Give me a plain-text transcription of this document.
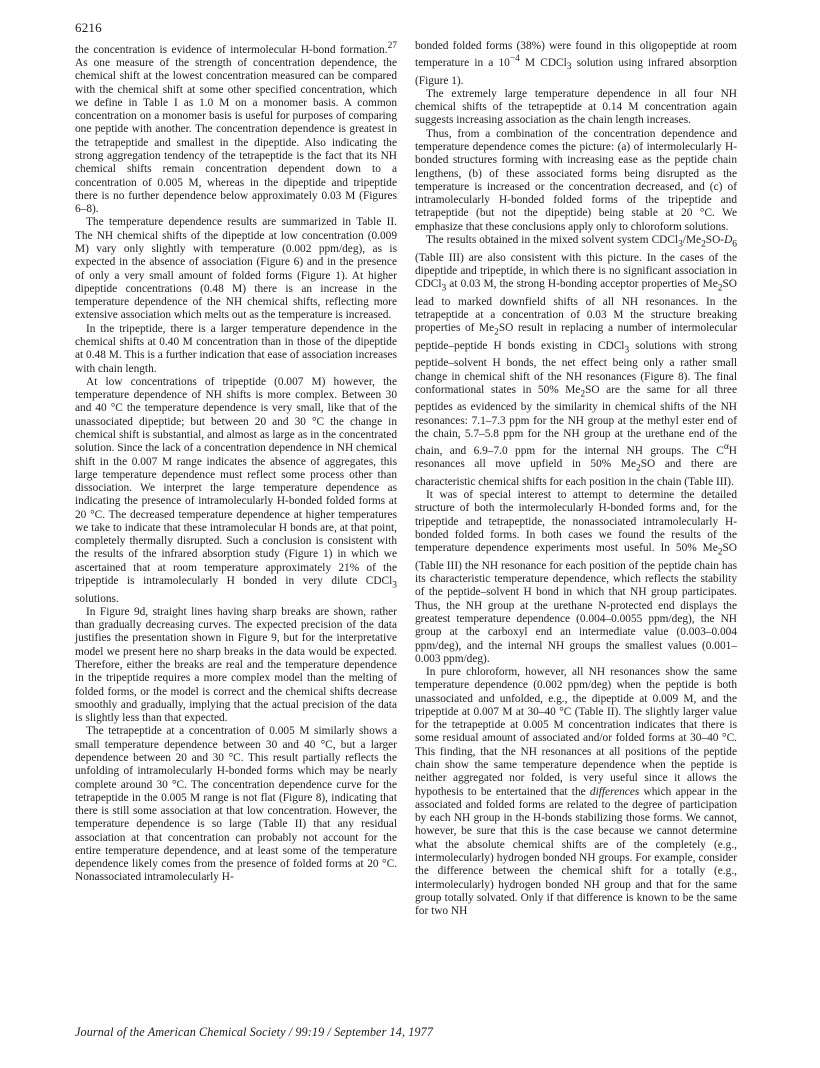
6216

the concentration is evidence of intermolecular H-bond formation.$^{27}$ As one measure of the strength of concentration dependence, the chemical shift at the lowest concentration measured can be compared with the chemical shift at some other specified concentration, which we define in Table I as 1.0 M on a monomer basis. A common concentration on a monomer basis is useful for purposes of comparing one peptide with another. The concentration dependence is greatest in the tetrapeptide and smallest in the dipeptide. Also indicating the strong aggregation tendency of the tetrapeptide is the fact that its NH chemical shifts remain concentration dependent down to a concentration of 0.005 M, whereas in the dipeptide and tripeptide there is no further dependence below approximately 0.03 M (Figures 6–8).

The temperature dependence results are summarized in Table II. The NH chemical shifts of the dipeptide at low concentration (0.009 M) vary only slightly with temperature (0.002 ppm/deg), as is expected in the absence of association (Figure 6) and in the presence of only a very small amount of folded forms (Figure 1). At higher dipeptide concentrations (0.48 M) there is an increase in the temperature dependence of the NH chemical shifts, reflecting more extensive association which melts out as the temperature is increased.

In the tripeptide, there is a larger temperature dependence in the chemical shifts at 0.40 M concentration than in those of the dipeptide at 0.48 M. This is a further indication that ease of association increases with chain length.

At low concentrations of tripeptide (0.007 M) however, the temperature dependence of NH shifts is more complex. Between 30 and 40 °C the temperature dependence is very small, like that of the unassociated dipeptide; but between 20 and 30 °C the change in chemical shift is substantial, and almost as large as in the concentrated solution. Since the lack of a concentration dependence in NH chemical shift in the 0.007 M range indicates the absence of aggregates, this large temperature dependence must reflect some process other than dissociation. We interpret the large temperature dependence as indicating the presence of intramolecularly H-bonded folded forms at 20 °C. The decreased temperature dependence at higher temperatures we take to indicate that these intramolecular H bonds are, at that point, completely thermally disrupted. Such a conclusion is consistent with the results of the infrared absorption study (Figure 1) in which we ascertained that at room temperature approximately 21% of the tripeptide is intramolecularly H bonded in very dilute CDCl$_3$ solutions.

In Figure 9d, straight lines having sharp breaks are shown, rather than gradually decreasing curves. The expected precision of the data justifies the presentation shown in Figure 9, but for the interpretative model we present here no sharp breaks in the data would be expected. Therefore, either the breaks are real and the temperature dependence in the tripeptide requires a more complex model than the melting of folded forms, or the model is correct and the chemical shifts decrease smoothly and gradually, implying that the actual precision of the data is slightly less than that expected.

The tetrapeptide at a concentration of 0.005 M similarly shows a small temperature dependence between 30 and 40 °C, but a larger dependence between 20 and 30 °C. This result partially reflects the unfolding of intramolecularly H-bonded forms which may be nearly complete around 30 °C. The concentration dependence curve for the tetrapeptide in the 0.005 M range is not flat (Figure 8), indicating that there is still some association at that low concentration. However, the temperature dependence is so large (Table II) that any residual association at that concentration can probably not account for the entire temperature dependence, and at least some of the temperature dependence likely comes from the presence of folded forms at 20 °C. Nonassociated intramolecularly H-

bonded folded forms (38%) were found in this oligopeptide at room temperature in a $10^{-4}$ M CDCl$_3$ solution using infrared absorption (Figure 1).

The extremely large temperature dependence in all four NH chemical shifts of the tetrapeptide at 0.14 M concentration again suggests increasing association as the chain length increases.

Thus, from a combination of the concentration dependence and temperature dependence comes the picture: (a) of intermolecularly H-bonded structures forming with increasing ease as the peptide chain lengthens, (b) of these associated forms being disrupted as the temperature is increased or the concentration decreased, and (c) of intramolecularly H-bonded folded forms of the tripeptide and tetrapeptide (but not the dipeptide) being stable at 20 °C. We emphasize that these conclusions apply only to chloroform solutions.

The results obtained in the mixed solvent system $CDCl_3/Me_2SO-D_6$ (Table III) are also consistent with this picture. In the cases of the dipeptide and tripeptide, in which there is no significant association in CDCl$_3$ at 0.03 M, the strong H-bonding acceptor properties of $Me_2SO$ lead to marked downfield shifts of all NH resonances. In the tetrapeptide at a concentration of 0.03 M the structure breaking properties of $Me_2SO$ result in replacing a number of intermolecular peptide–peptide H bonds existing in CDCl$_3$ solutions with strong peptide–solvent H bonds, the net effect being only a rather small change in chemical shift of the NH resonances (Figure 8). The final conformational states in 50% $Me_2SO$ are the same for all three peptides as evidenced by the similarity in chemical shifts of the NH resonances: 7.1–7.3 ppm for the NH group at the methyl ester end of the chain, 5.7–5.8 ppm for the NH group at the urethane end of the chain, and 6.9–7.0 ppm for the internal NH groups. The $C^\alpha H$ resonances all move upfield in 50% $Me_2SO$ and there are characteristic chemical shifts for each position in the chain (Table III).

It was of special interest to attempt to determine the detailed structure of both the intermolecularly H-bonded forms and, for the tripeptide and tetrapeptide, the nonassociated intramolecularly H-bonded folded forms. In both cases we found the results of the temperature dependence experiments most useful. In 50% $Me_2SO$ (Table III) the NH resonance for each position of the peptide chain has its characteristic temperature dependence, which reflects the stability of the peptide–solvent H bond in which that NH group participates. Thus, the NH group at the urethane N-protected end displays the greatest temperature dependence (0.004–0.0055 ppm/deg), the NH group at the carboxyl end an intermediate value (0.003–0.004 ppm/deg), and the internal NH groups the smallest values (0.001–0.003 ppm/deg).

In pure chloroform, however, all NH resonances show the same temperature dependence (0.002 ppm/deg) when the peptide is both unassociated and unfolded, e.g., the dipeptide at 0.009 M, and the tripeptide at 0.007 M at 30–40 °C (Table II). The slightly larger value for the tetrapeptide at 0.005 M concentration indicates that there is some residual amount of associated and/or folded forms at 30–40 °C. This finding, that the NH resonances at all positions of the peptide chain show the same temperature dependence when the peptide is neither aggregated nor folded, is very useful since it allows the hypothesis to be entertained that the differences which appear in the associated and folded forms are related to the degree of participation by each NH group in the H-bonds stabilizing those forms. We cannot, however, be sure that this is the case because we cannot determine what the absolute chemical shifts are of the completely (e.g., intermolecularly) hydrogen bonded NH groups. For example, consider the difference between the chemical shift for a totally (e.g., intermolecularly) hydrogen bonded NH group and that for the same group totally solvated. Only if that difference is known to be the same for two NH

Journal of the American Chemical Society / 99:19 / September 14, 1977
